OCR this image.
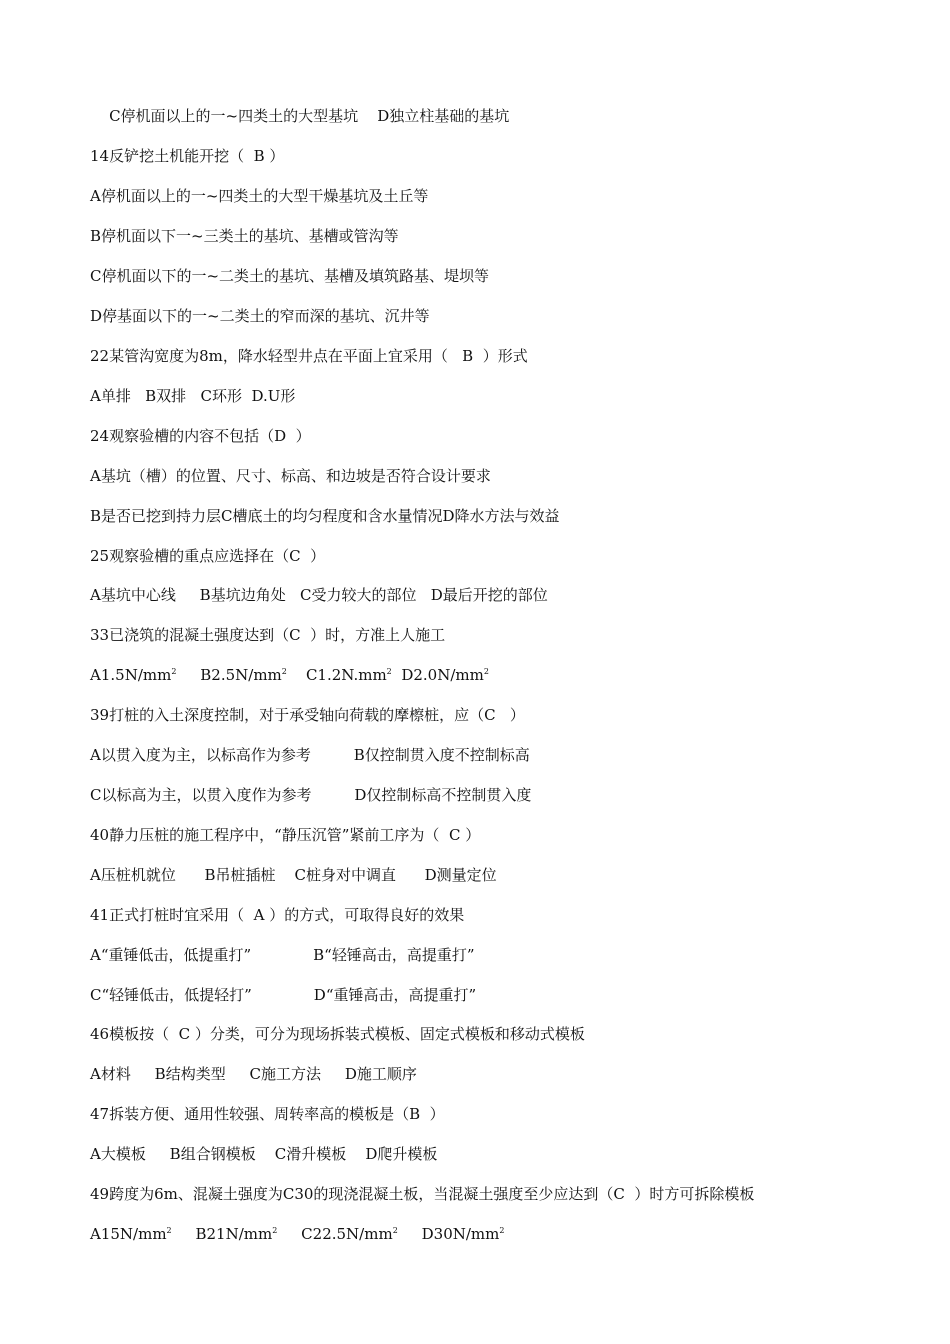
C停机面以上的一~四类土的大型基坑    D独立柱基础的基坑
14反铲挖土机能开挖（  B ）
A停机面以上的一~四类土的大型干燥基坑及土丘等
B停机面以下一~三类土的基坑、基槽或管沟等
C停机面以下的一~二类土的基坑、基槽及填筑路基、堤坝等
D停基面以下的一~二类土的窄而深的基坑、沉井等
22某管沟宽度为8m，降水轻型井点在平面上宜采用（   B  ）形式
A单排   B双排   C环形  D.U形
24观察验槽的内容不包括（D  ）
A基坑（槽）的位置、尺寸、标高、和边坡是否符合设计要求
B是否已挖到持力层C槽底土的均匀程度和含水量情况D降水方法与效益
25观察验槽的重点应选择在（C  ）
A基坑中心线     B基坑边角处   C受力较大的部位   D最后开挖的部位
33已浇筑的混凝土强度达到（C  ）时，方准上人施工
$A1.5N/mm^2$ $B2.5N/mm^2$ $C1.2N.mm^2$ $D2.0N/mm^2$
39打桩的入土深度控制，对于承受轴向荷载的摩檫桩，应（C   ）
A以贯入度为主，以标高作为参考         B仅控制贯入度不控制标高
C以标高为主，以贯入度作为参考         D仅控制标高不控制贯入度
40静力压桩的施工程序中，“静压沉管”紧前工序为（  C ）
A压桩机就位      B吊桩插桩    C桩身对中调直      D测量定位
41正式打桩时宜采用（  A ）的方式，可取得良好的效果
A“重锤低击，低提重打”             B“轻锤高击，高提重打”
C“轻锤低击，低提轻打”             D“重锤高击，高提重打”
46模板按（  C ）分类，可分为现场拆装式模板、固定式模板和移动式模板
A材料     B结构类型     C施工方法     D施工顺序
47拆装方便、通用性较强、周转率高的模板是（B  ）
A大模板     B组合钢模板    C滑升模板    D爬升模板
49跨度为6m、混凝土强度为C30的现浇混凝土板，当混凝土强度至少应达到（C  ）时方可拆除模板
$A15N/mm^2$ $B21N/mm^2$ $C22.5N/mm^2$ $D30N/mm^2$
